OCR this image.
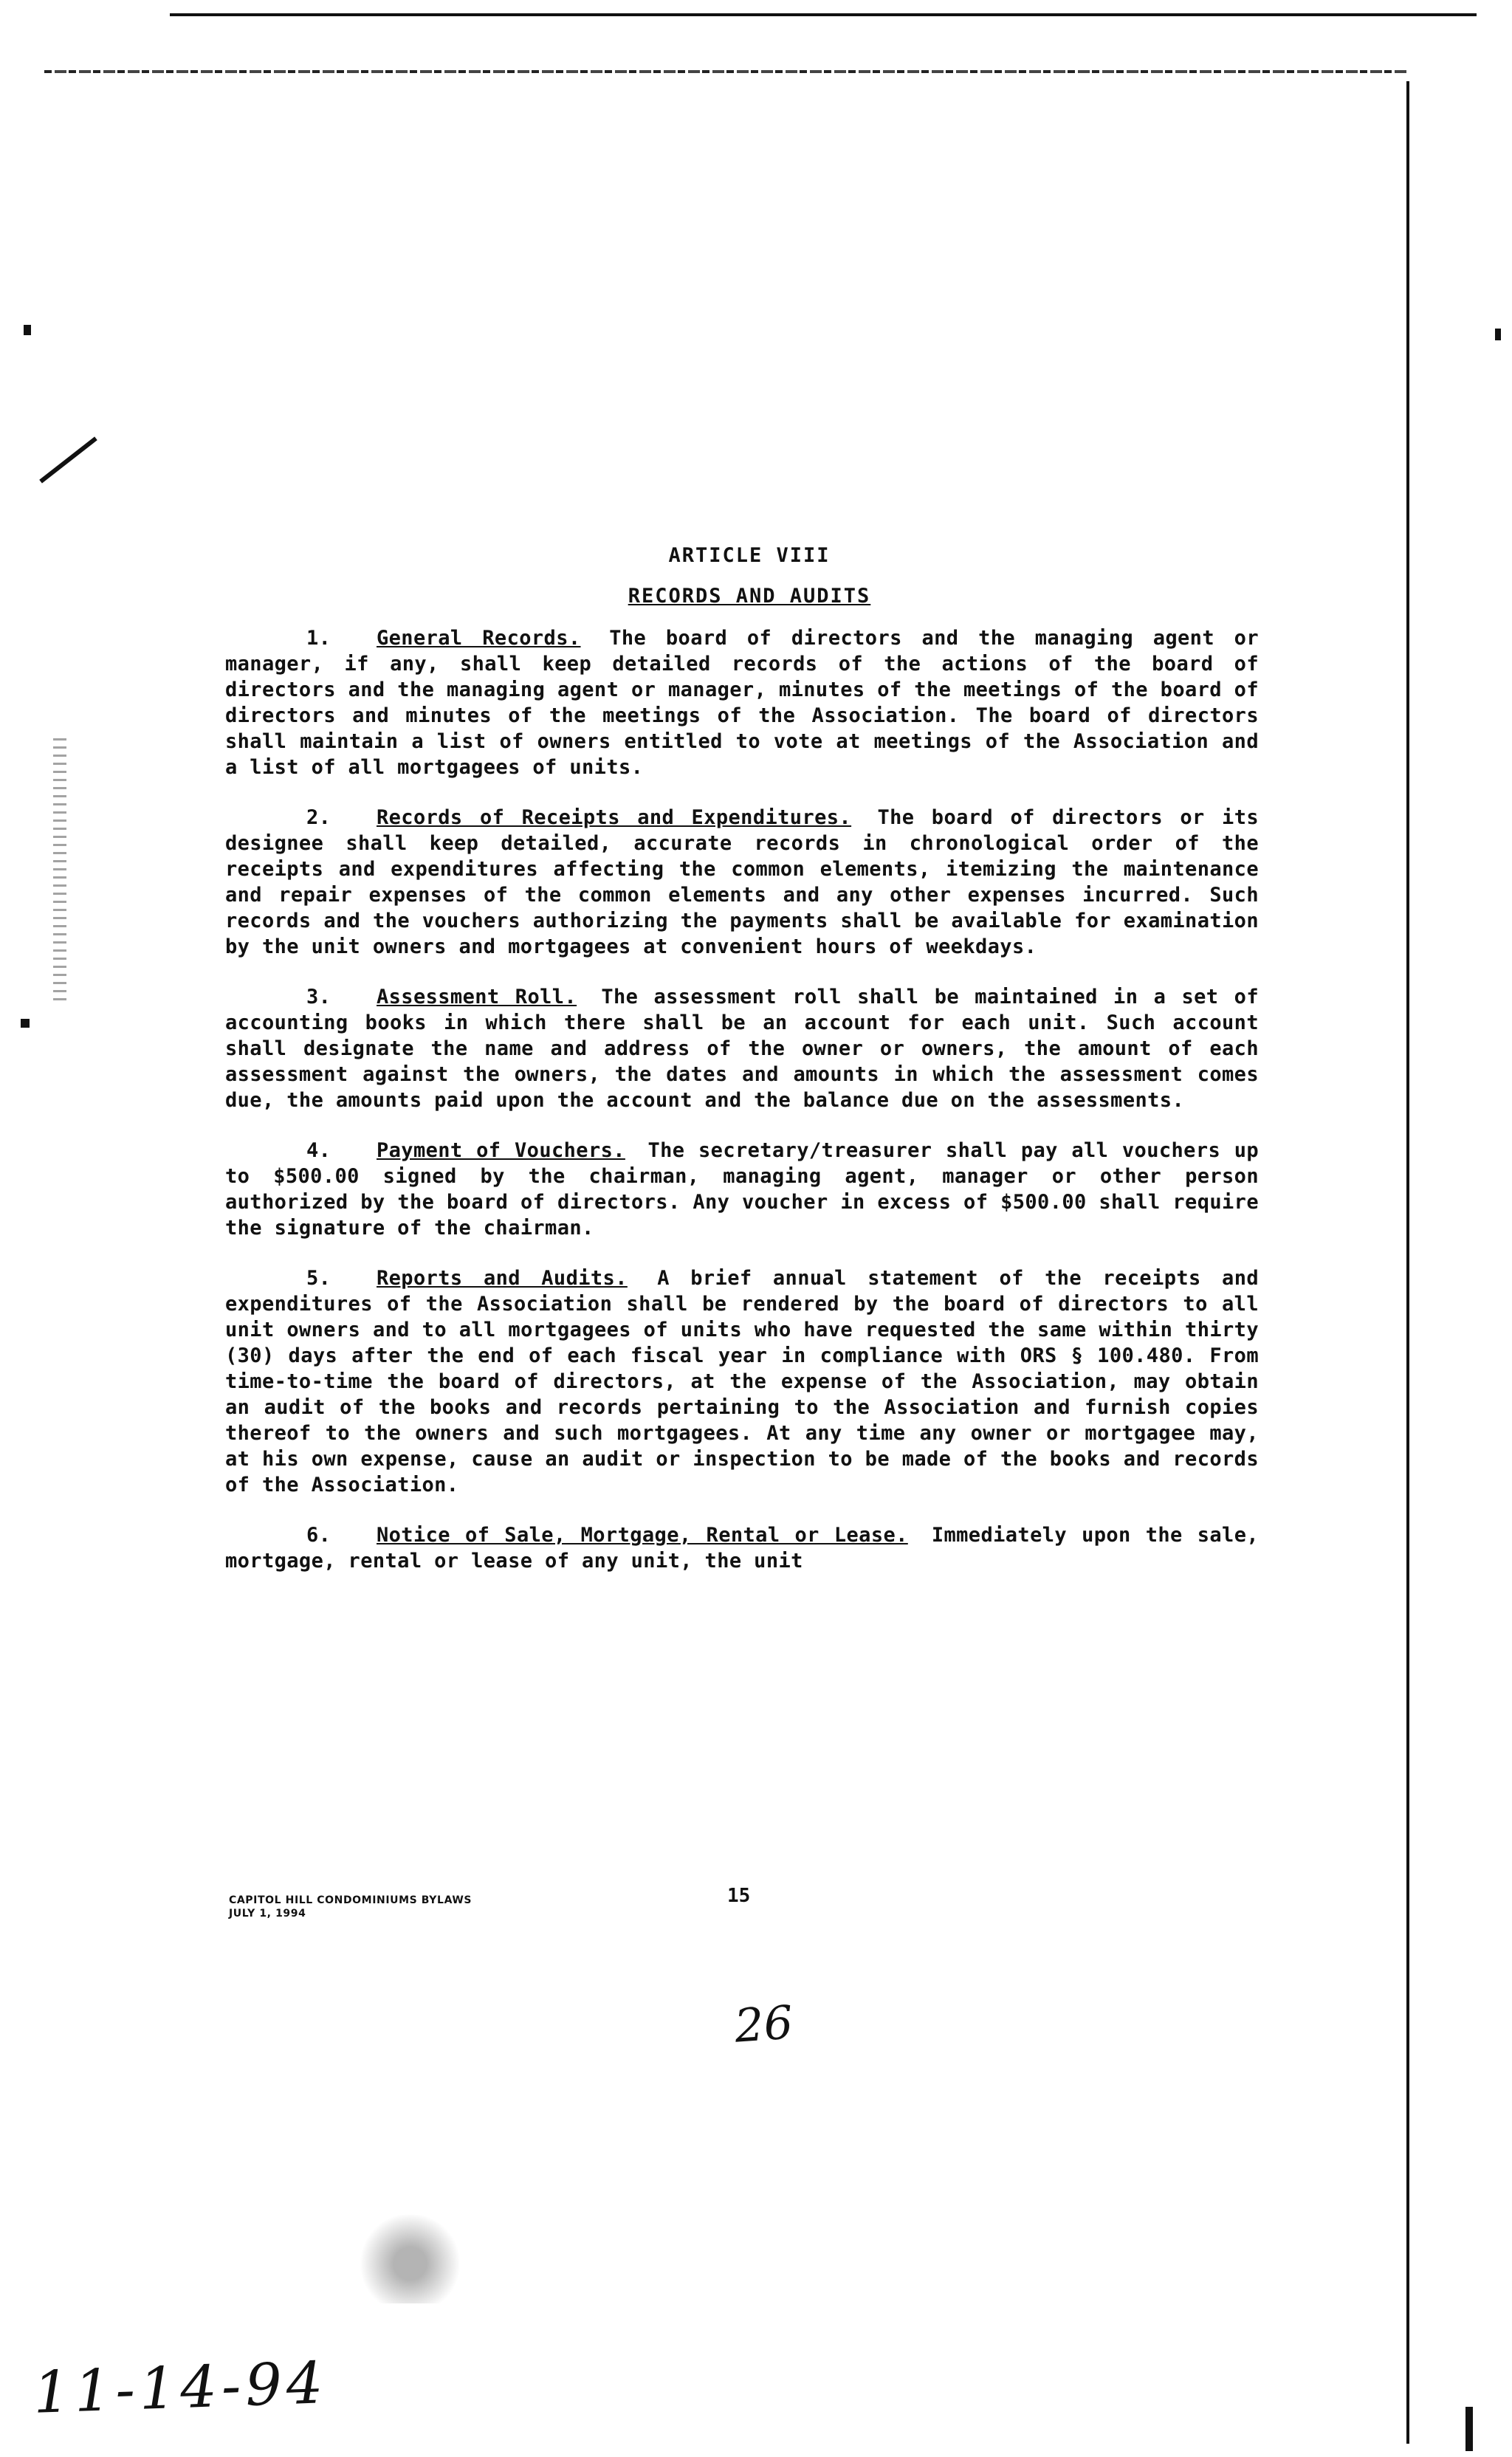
ARTICLE VIII

RECORDS AND AUDITS

1. General Records. The board of directors and the managing agent or manager, if any, shall keep detailed records of the actions of the board of directors and the managing agent or manager, minutes of the meetings of the board of directors and minutes of the meetings of the Association. The board of directors shall maintain a list of owners entitled to vote at meetings of the Association and a list of all mortgagees of units.

2. Records of Receipts and Expenditures. The board of directors or its designee shall keep detailed, accurate records in chronological order of the receipts and expenditures affecting the common elements, itemizing the maintenance and repair expenses of the common elements and any other expenses incurred. Such records and the vouchers authorizing the payments shall be available for examination by the unit owners and mortgagees at convenient hours of weekdays.

3. Assessment Roll. The assessment roll shall be maintained in a set of accounting books in which there shall be an account for each unit. Such account shall designate the name and address of the owner or owners, the amount of each assessment against the owners, the dates and amounts in which the assessment comes due, the amounts paid upon the account and the balance due on the assessments.

4. Payment of Vouchers. The secretary/treasurer shall pay all vouchers up to $500.00 signed by the chairman, managing agent, manager or other person authorized by the board of directors. Any voucher in excess of $500.00 shall require the signature of the chairman.

5. Reports and Audits. A brief annual statement of the receipts and expenditures of the Association shall be rendered by the board of directors to all unit owners and to all mortgagees of units who have requested the same within thirty (30) days after the end of each fiscal year in compliance with ORS § 100.480. From time-to-time the board of directors, at the expense of the Association, may obtain an audit of the books and records pertaining to the Association and furnish copies thereof to the owners and such mortgagees. At any time any owner or mortgagee may, at his own expense, cause an audit or inspection to be made of the books and records of the Association.

6. Notice of Sale, Mortgage, Rental or Lease. Immediately upon the sale, mortgage, rental or lease of any unit, the unit

CAPITOL HILL CONDOMINIUMS BYLAWS
JULY 1, 1994
15
26
11-14-94
